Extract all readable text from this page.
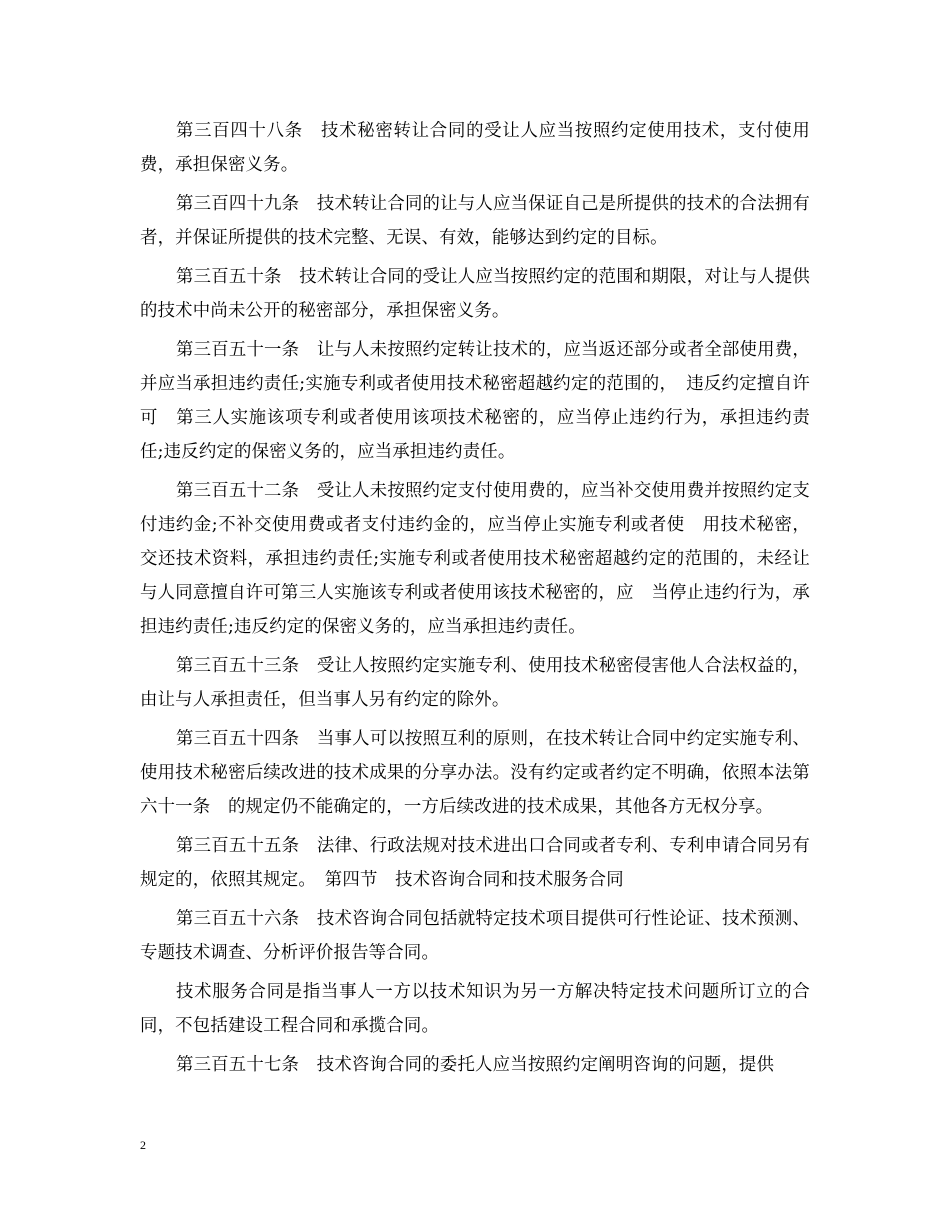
第三百四十八条　技术秘密转让合同的受让人应当按照约定使用技术，支付使用费，承担保密义务。

第三百四十九条　技术转让合同的让与人应当保证自己是所提供的技术的合法拥有者，并保证所提供的技术完整、无误、有效，能够达到约定的目标。

第三百五十条　技术转让合同的受让人应当按照约定的范围和期限，对让与人提供的技术中尚未公开的秘密部分，承担保密义务。

第三百五十一条　让与人未按照约定转让技术的，应当返还部分或者全部使用费，并应当承担违约责任;实施专利或者使用技术秘密超越约定的范围的，　违反约定擅自许可　第三人实施该项专利或者使用该项技术秘密的，应当停止违约行为，承担违约责任;违反约定的保密义务的，应当承担违约责任。

第三百五十二条　受让人未按照约定支付使用费的，应当补交使用费并按照约定支付违约金;不补交使用费或者支付违约金的，应当停止实施专利或者使　用技术秘密，交还技术资料，承担违约责任;实施专利或者使用技术秘密超越约定的范围的，未经让与人同意擅自许可第三人实施该专利或者使用该技术秘密的，应　当停止违约行为，承担违约责任;违反约定的保密义务的，应当承担违约责任。

第三百五十三条　受让人按照约定实施专利、使用技术秘密侵害他人合法权益的，由让与人承担责任，但当事人另有约定的除外。

第三百五十四条　当事人可以按照互利的原则，在技术转让合同中约定实施专利、使用技术秘密后续改进的技术成果的分享办法。没有约定或者约定不明确，依照本法第六十一条　的规定仍不能确定的，一方后续改进的技术成果，其他各方无权分享。

第三百五十五条　法律、行政法规对技术进出口合同或者专利、专利申请合同另有规定的，依照其规定。　第四节　技术咨询合同和技术服务合同

第三百五十六条　技术咨询合同包括就特定技术项目提供可行性论证、技术预测、专题技术调查、分析评价报告等合同。

技术服务合同是指当事人一方以技术知识为另一方解决特定技术问题所订立的合同，不包括建设工程合同和承揽合同。

第三百五十七条　技术咨询合同的委托人应当按照约定阐明咨询的问题，提供

2
